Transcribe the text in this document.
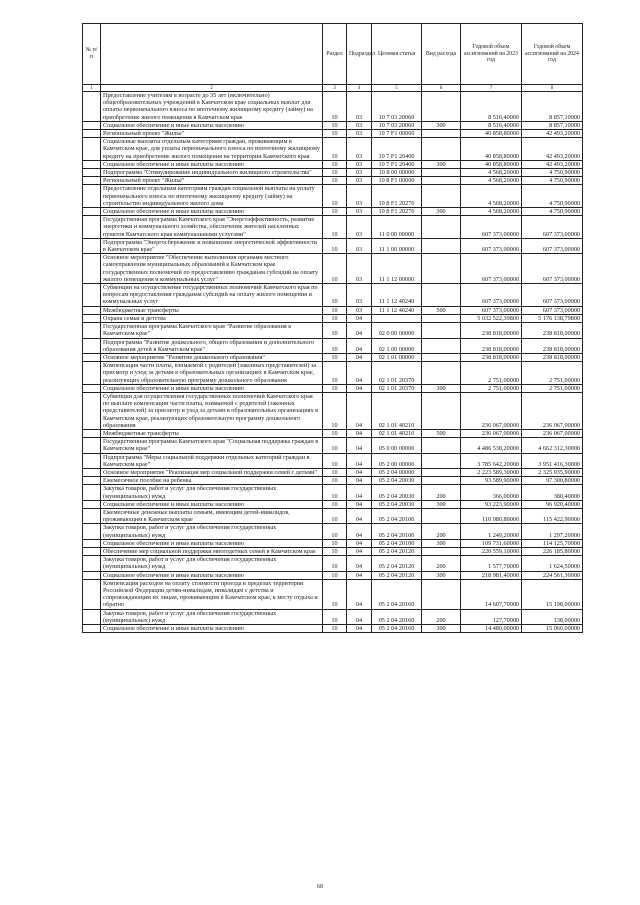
№ п/п		Раздел	Подраздел	Целевая статья	Вид расхода	Годовой объем ассигнований на 2023 год	Годовой объем ассигнований на 2024 год
1	2	3	4	5	6	7	8
	Предоставление учителям в возрасте до 35 лет (включительно) общеобразовательных учреждений в Камчатском крае социальных выплат для оплаты первоначального взноса по ипотечному жилищному кредиту (займу) на приобретение жилого помещения в Камчатском крае	10	03	10 7 03 20060		8 516,40000	8 857,10000
	Социальное обеспечение и иные выплаты населению	10	03	10 7 03 20060	300	8 516,40000	8 857,10000
	Региональный проект "Жилье"	10	03	10 7 F1 00000		40 858,80000	42 493,20000
	Социальные выплаты отдельным категориям граждан, проживающим в Камчатском крае, для уплаты первоначального взноса по ипотечному жилищному кредиту на приобретение жилого помещения на территории Камчатского края	10	03	10 7 F1 20400		40 858,80000	42 493,20000
	Социальное обеспечение и иные выплаты населению	10	03	10 7 F1 20400	300	40 858,80000	42 493,20000
	Подпрограмма "Стимулирование индивидуального жилищного строительства"	10	03	10 8 00 00000		4 568,20000	4 750,90000
	Региональный проект "Жилье"	10	03	10 8 F1 00000		4 568,20000	4 750,90000
	Предоставление отдельным категориям граждан социальной выплаты на уплату первоначального взноса по ипотечному жилищному кредиту (займу) на строительство индивидуального жилого дома	10	03	10 8 F1 20270		4 568,20000	4 750,90000
	Социальное обеспечение и иные выплаты населению	10	03	10 8 F1 20270	300	4 568,20000	4 750,90000
	Государственная программа Камчатского края "Энергоэффективность, развитие энергетики и коммунального хозяйства, обеспечение жителей населенных пунктов Камчатского края коммунальными услугами"	10	03	11 0 00 00000		607 373,00000	607 373,00000
	Подпрограмма "Энергосбережение и повышение энергетической эффективности в Камчатском крае"	10	03	11 1 00 00000		607 373,00000	607 373,00000
	Основное мероприятие "Обеспечение выполнения органами местного самоуправления муниципальных образований в Камчатском крае государственных полномочий по предоставлению гражданам субсидий на оплату жилого помещения и коммунальных услуг"	10	03	11 1 12 00000		607 373,00000	607 373,00000
	Субвенции на осуществление государственных полномочий Камчатского края по вопросам предоставления гражданам субсидий на оплату жилого помещения и коммунальных услуг	10	03	11 1 12 40240		607 373,00000	607 373,00000
	Межбюджетные трансферты	10	03	11 1 12 40240	500	607 373,00000	607 373,00000
	Охрана семьи и детства	10	04			5 032 522,39800	5 176 138,79800
	Государственная программа Камчатского края "Развитие образования в Камчатском крае"	10	04	02 0 00 00000		238 818,00000	238 818,00000
	Подпрограмма "Развитие дошкольного, общего образования и дополнительного образования детей в Камчатском крае"	10	04	02 1 00 00000		238 818,00000	238 818,00000
	Основное мероприятие "Развитие дошкольного образования"	10	04	02 1 01 00000		238 818,00000	238 818,00000
	Компенсация части платы, взимаемой с родителей (законных представителей) за присмотр и уход за детьми в образовательных организациях в Камчатском крае, реализующих образовательную программу дошкольного образования	10	04	02 1 01 20370		2 751,00000	2 751,00000
	Социальное обеспечение и иные выплаты населению	10	04	02 1 01 20370	300	2 751,00000	2 751,00000
	Субвенции для осуществления государственных полномочий Камчатского края по выплате компенсации части платы, взимаемой с родителей (законных представителей) за присмотр и уход за детьми в образовательных организациях в Камчатском крае, реализующих образовательную программу дошкольного образования	10	04	02 1 01 40210		236 067,00000	236 067,00000
	Межбюджетные трансферты	10	04	02 1 01 40210	500	236 067,00000	236 067,00000
	Государственная программа Камчатского края "Социальная поддержка граждан в Камчатском крае"	10	04	05 0 00 00000		4 486 538,20000	4 662 312,30000
	Подпрограмма "Меры социальной поддержки отдельных категорий граждан в Камчатском крае"	10	04	05 2 00 00000		3 785 642,20000	3 951 416,30000
	Основное мероприятие "Реализация мер социальной поддержки семей с детьми"	10	04	05 2 04 00000		2 223 589,30000	2 325 935,90000
	Ежемесячное пособие на ребенка	10	04	05 2 04 20030		93 589,90000	97 300,80000
	Закупка товаров, работ и услуг для обеспечения государственных (муниципальных) нужд	10	04	05 2 04 20030	200	366,00000	380,40000
	Социальное обеспечение и иные выплаты населению	10	04	05 2 04 20030	300	93 223,90000	96 920,40000
	Ежемесячные денежные выплаты семьям, имеющим детей-инвалидов, проживающим в Камчатском крае	10	04	05 2 04 20100		110 980,80000	115 422,90000
	Закупка товаров, работ и услуг для обеспечения государственных (муниципальных) нужд	10	04	05 2 04 20100	200	1 249,20000	1 297,20000
	Социальное обеспечение и иные выплаты населению	10	04	05 2 04 20100	300	109 731,60000	114 125,70000
	Обеспечение мер социальной поддержки многодетных семей в Камчатском крае	10	04	05 2 04 20120		220 559,10000	226 185,80000
	Закупка товаров, работ и услуг для обеспечения государственных (муниципальных) нужд	10	04	05 2 04 20120	200	1 577,70000	1 624,50000
	Социальное обеспечение и иные выплаты населению	10	04	05 2 04 20120	300	218 981,40000	224 561,30000
	Компенсация расходов на оплату стоимости проезда в пределах территории Российской Федерации детям-инвалидам, инвалидам с детства и сопровождающим их лицам, проживающим в Камчатском крае, к месту отдыха и обратно	10	04	05 2 04 20160		14 607,70000	15 198,00000
	Закупка товаров, работ и услуг для обеспечения государственных (муниципальных) нужд	10	04	05 2 04 20160	200	127,70000	138,00000
	Социальное обеспечение и иные выплаты населению	10	04	05 2 04 20160	300	14 480,00000	15 060,00000
68
